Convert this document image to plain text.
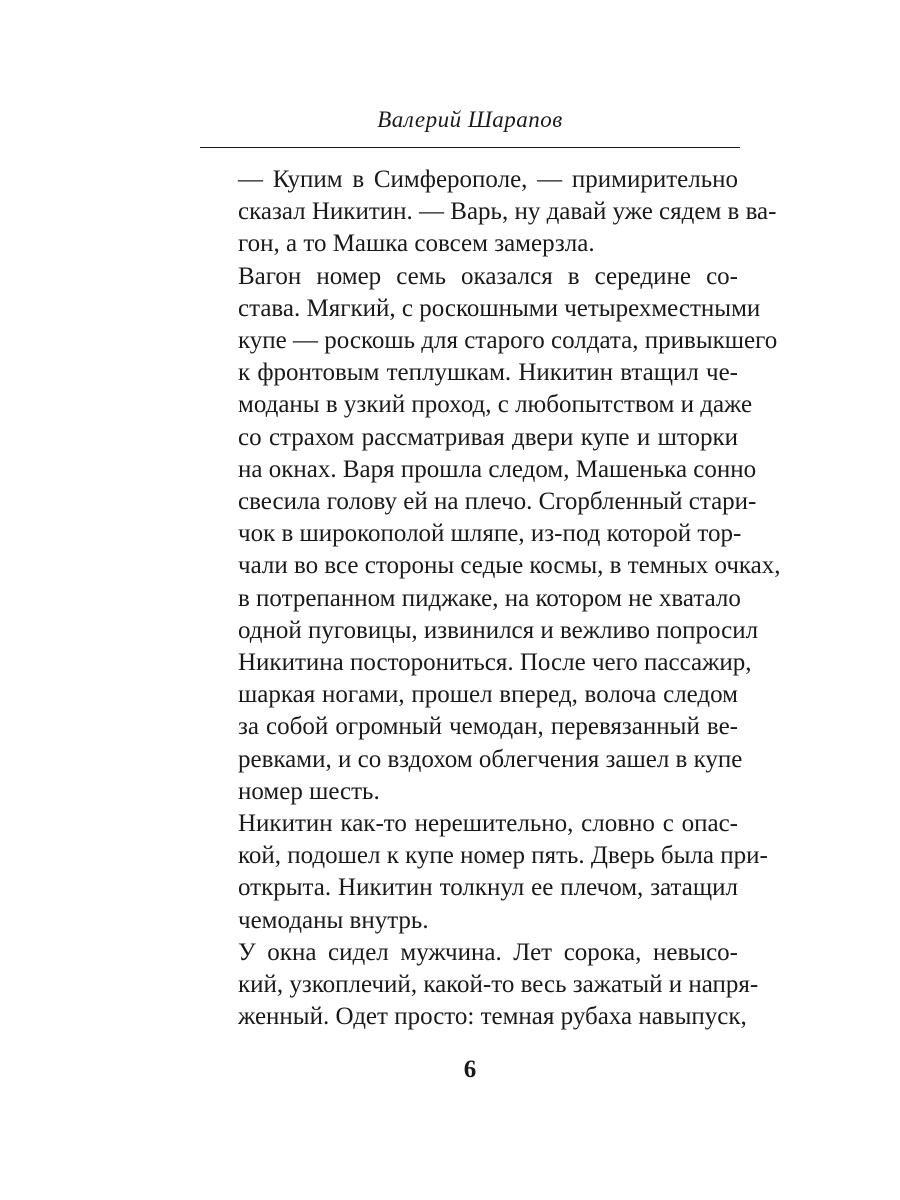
Валерий Шарапов

— Купим в Симферополе, — примирительно
сказал Никитин. — Варь, ну давай уже сядем в ва-
гон, а то Машка совсем замерзла.

Вагон номер семь оказался в середине со-
става. Мягкий, с роскошными четырехместными
купе — роскошь для старого солдата, привыкшего
к фронтовым теплушкам. Никитин втащил че-
моданы в узкий проход, с любопытством и даже
со страхом рассматривая двери купе и шторки
на окнах. Варя прошла следом, Машенька сонно
свесила голову ей на плечо. Сгорбленный стари-
чок в широкополой шляпе, из-под которой тор-
чали во все стороны седые космы, в темных очках,
в потрепанном пиджаке, на котором не хватало
одной пуговицы, извинился и вежливо попросил
Никитина посторониться. После чего пассажир,
шаркая ногами, прошел вперед, волоча следом
за собой огромный чемодан, перевязанный ве-
ревками, и со вздохом облегчения зашел в купе
номер шесть.

Никитин как-то нерешительно, словно с опас-
кой, подошел к купе номер пять. Дверь была при-
открыта. Никитин толкнул ее плечом, затащил
чемоданы внутрь.

У окна сидел мужчина. Лет сорока, невысо-
кий, узкоплечий, какой-то весь зажатый и напря-
женный. Одет просто: темная рубаха навыпуск,

6
